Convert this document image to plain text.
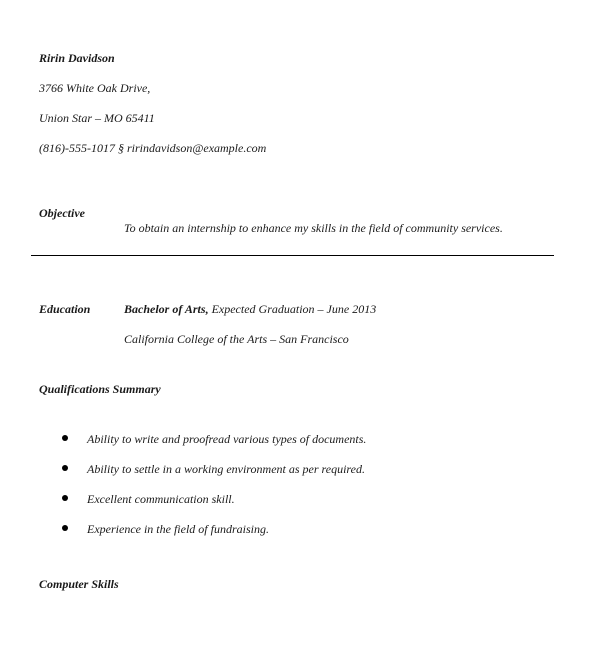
Ririn Davidson
3766 White Oak Drive,
Union Star – MO 65411
(816)-555-1017 § ririndavidson@example.com
Objective
To obtain an internship to enhance my skills in the field of community services.
Education	Bachelor of Arts, Expected Graduation – June 2013
California College of the Arts – San Francisco
Qualifications Summary
Ability to write and proofread various types of documents.
Ability to settle in a working environment as per required.
Excellent communication skill.
Experience in the field of fundraising.
Computer Skills
